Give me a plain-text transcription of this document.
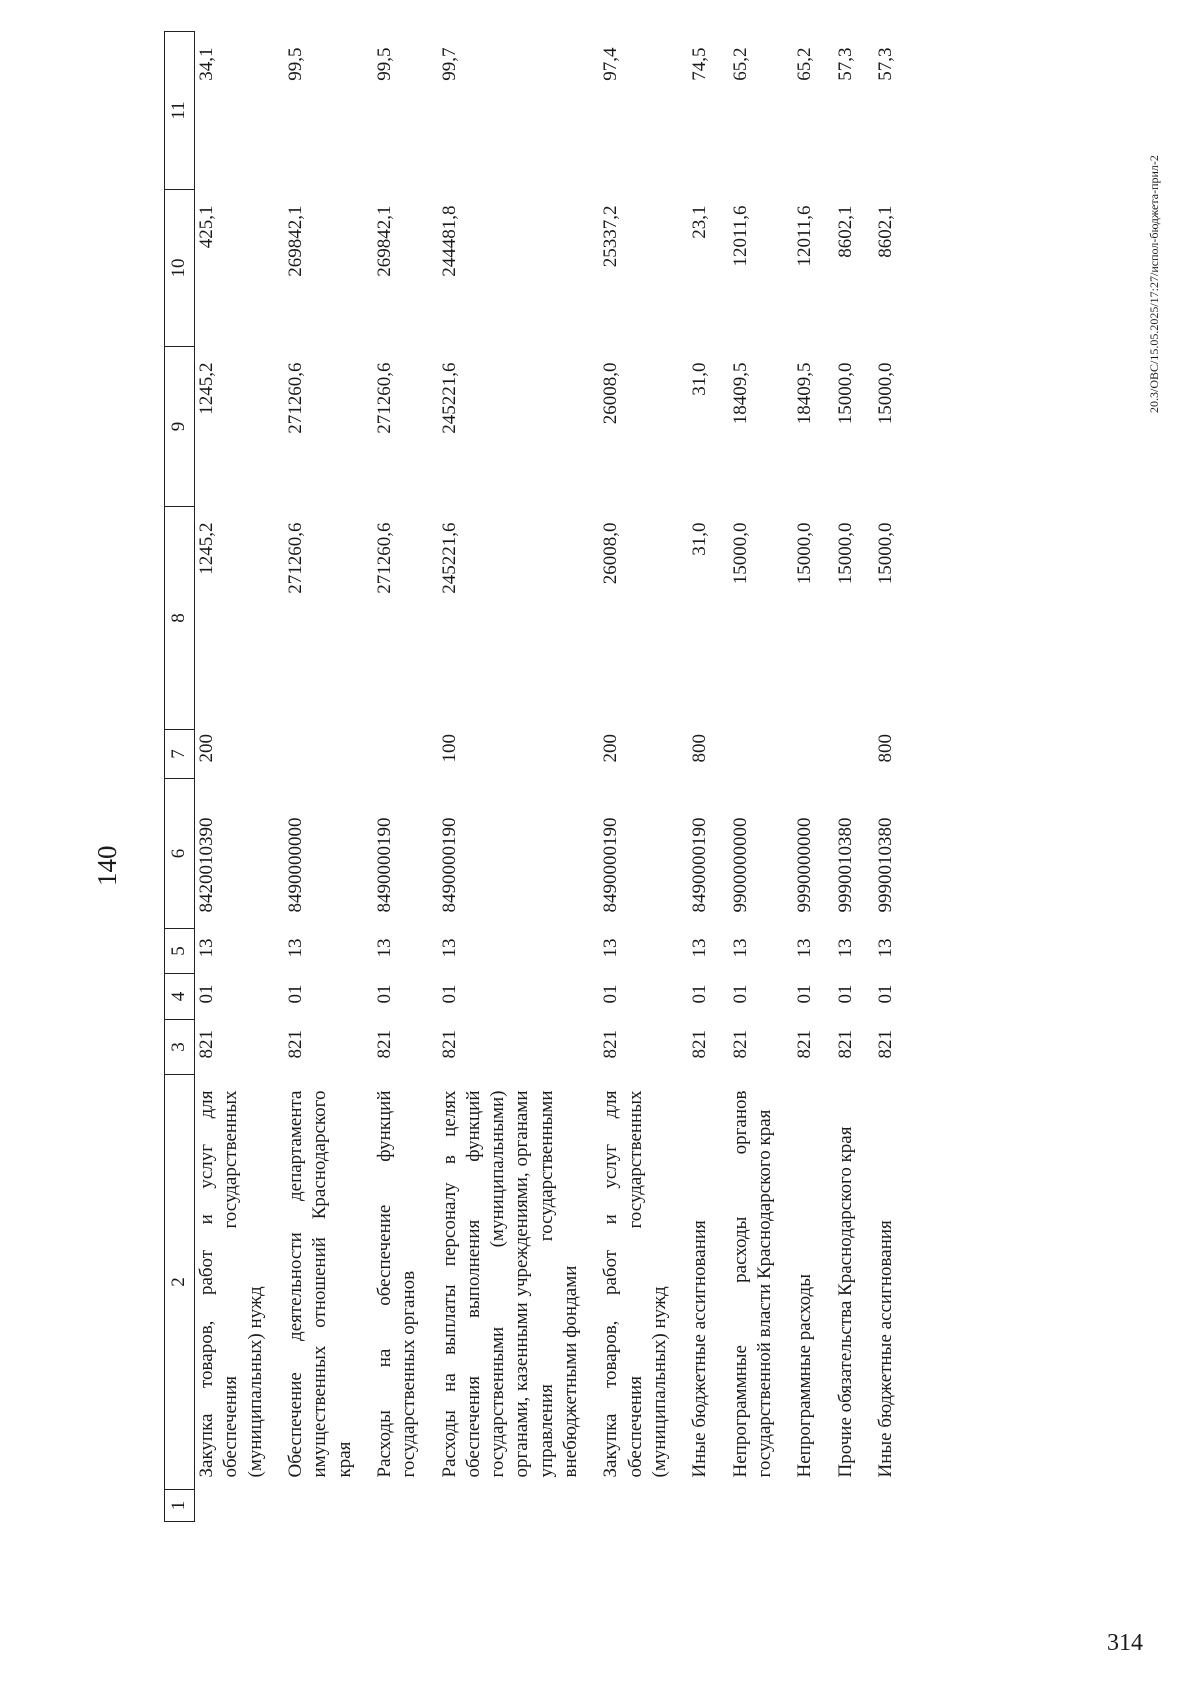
314
140
20.3/OBC/15.05.2025/17:27/испол-бюджета-прил-2
1	2	3	4	5	6	7	8	9	10	11
	Закупка товаров, работ и услуг для обеспечения государственных (муниципальных) нужд	821	01	13	8420010390	200	1245,2	1245,2	425,1	34,1
	Обеспечение деятельности департамента имущественных отношений Краснодарского края	821	01	13	8490000000		271260,6	271260,6	269842,1	99,5
	Расходы на обеспечение функций государственных органов	821	01	13	8490000190		271260,6	271260,6	269842,1	99,5
	Расходы на выплаты персоналу в целях обеспечения выполнения функций государственными (муниципальными) органами, казенными учреждениями, органами управления государственными внебюджетными фондами	821	01	13	8490000190	100	245221,6	245221,6	244481,8	99,7
	Закупка товаров, работ и услуг для обеспечения государственных (муниципальных) нужд	821	01	13	8490000190	200	26008,0	26008,0	25337,2	97,4
	Иные бюджетные ассигнования	821	01	13	8490000190	800	31,0	31,0	23,1	74,5
	Непрограммные расходы органов государственной власти Краснодарского края	821	01	13	9900000000		15000,0	18409,5	12011,6	65,2
	Непрограммные расходы	821	01	13	9990000000		15000,0	18409,5	12011,6	65,2
	Прочие обязательства Краснодарского края	821	01	13	9990010380		15000,0	15000,0	8602,1	57,3
	Иные бюджетные ассигнования	821	01	13	9990010380	800	15000,0	15000,0	8602,1	57,3
